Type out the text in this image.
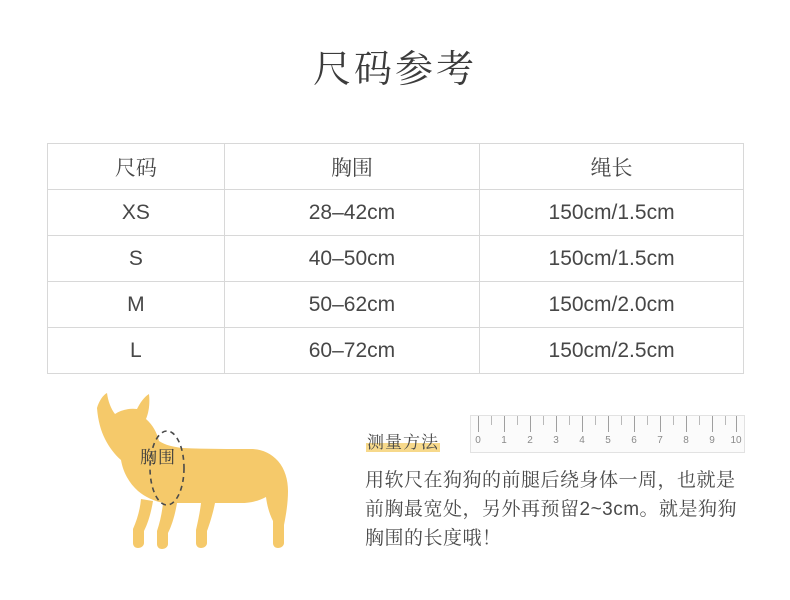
尺码参考
尺码	胸围	绳长
XS	28–42cm	150cm/1.5cm
S	40–50cm	150cm/1.5cm
M	50–62cm	150cm/2.0cm
L	60–72cm	150cm/2.5cm
胸围
0 1 2 3 4 5 6 7 8 9 10
测量方法
用软尺在狗狗的前腿后绕身体一周，也就是前胸最宽处，另外再预留2~3cm。就是狗狗胸围的长度哦！
